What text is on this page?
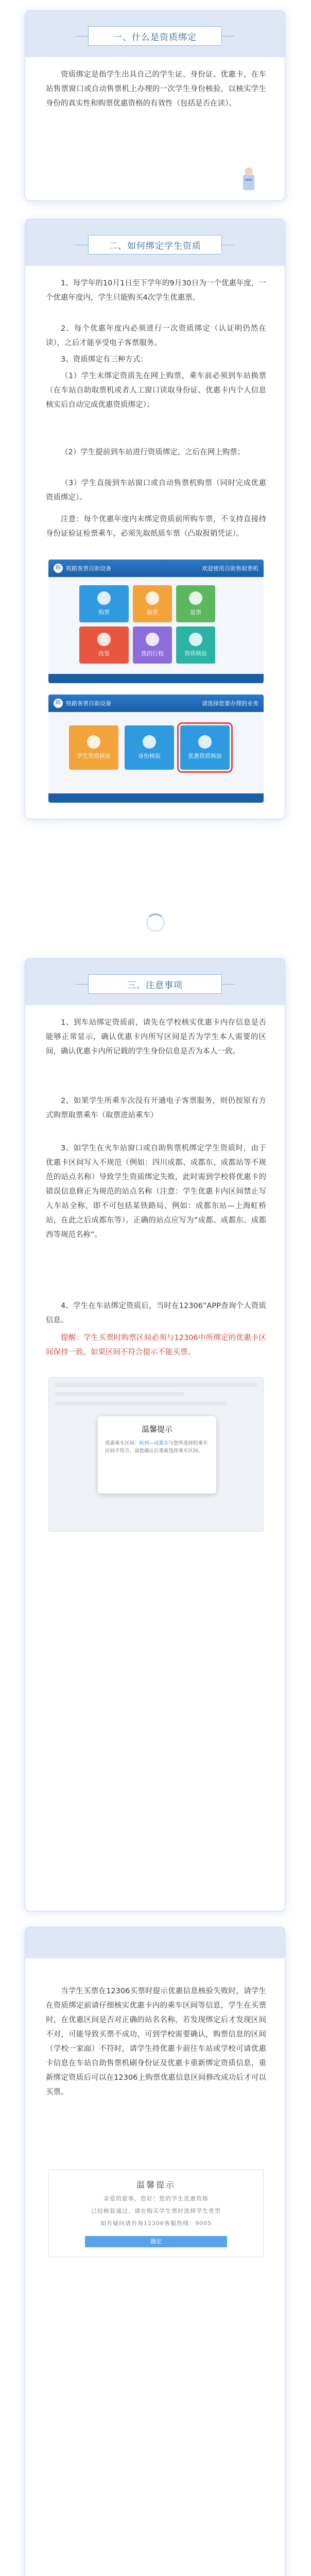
一、什么是资质绑定
资质绑定是指学生出具自己的学生证、身份证、优惠卡，在车站售票窗口或自动售票机上办理的一次学生身份核验，以核实学生身份的真实性和购票优惠资格的有效性（包括是否在读）。
二、如何绑定学生资质
1、每学年的10月1日至下学年的9月30日为一个优惠年度，一个优惠年度内，学生只能购买4次学生优惠票。
2、每个优惠年度内必须进行一次资质绑定（认证明仍然在读），之后才能享受电子客票服务。
3、资质绑定有三种方式：
（1）学生未绑定资质先在网上购票，乘车前必须到车站换票（在车站自助取票机或者人工窗口读取身份证、优惠卡内个人信息核实后自动完成优惠资质绑定）；
（2）学生提前到车站进行资质绑定，之后在网上购票；
（3）学生直接到车站窗口或自动售票机购票（同时完成优惠资质绑定）。
注意：每个优惠年度内未绑定资质前所购车票，不支持直接持身份证验证检票乘车，必须先取纸质车票（凸取报销凭证）。
路 铁路客票自助设备	欢迎使用自助售取票机
购票	取票	退票
改签	我的行程	资质核验
路 铁路客票自助设备	请选择您要办理的业务
学生资质核验	身份核验	优惠资质核验
三、注意事项
1、到车站绑定资质前，请先在学校核实优惠卡内存信息是否能够正常显示，确认优惠卡内所写区间是否为学生本人需要的区间，确认优惠卡内所记载的学生身份信息是否为本人一致。
2、如果学生所乘车次没有开通电子客票服务，则仍按原有方式购票取票乘车（取票进站乘车）
3、如学生在火车站窗口或自助售票机绑定学生资质时，由于优惠卡区间写入不规范（例如：四川成都、成都东、成都站等不规范的站点名称）导致学生资质绑定失败，此时需到学校将优惠卡的错误信息修正为规范的站点名称（注意：学生优惠卡内区间禁止写入车站全称，即不可包括某铁路局，例如：成都东站—上海虹桥站，在此之后成都东等）。正确的站点应写为”成都、成都东、成都西等规范名称”。
4、学生在车站绑定资质后，当时在12306”APP查询个人资质信息。
提醒：学生买票时购票区间必须与12306中所绑定的优惠卡区间保持一致，如果区间不符合提示不能买票。
温馨提示
优惠乘车区间：杭州—成都东与您所选择的乘车区间不符合，请您确认后重新选择乘车区间。
当学生买票在12306买票时提示优惠信息核验失败时，请学生在资质绑定前请仔细核实优惠卡内的乘车区间等信息，学生在买票时，在优惠区间是否对正确的站名名称，若发现绑定后才发现区间不对，可能导致买票不成功，可到学校需要确认，购票信息的区间（学校一家面）不符时，请学生持优惠卡前往车站或学校可请优惠卡信息在车站自助售票机刷身份证及优惠卡重新绑定资质信息，重新绑定资质后可以在12306上购票优惠信息区间修改成功后才可以买票。
温馨提示
亲爱的旅客，您好！您的学生优惠资格
已经核验通过，请在购买学生票时选择学生类型
如有疑问请咨询12306客服热线：9005
确定
